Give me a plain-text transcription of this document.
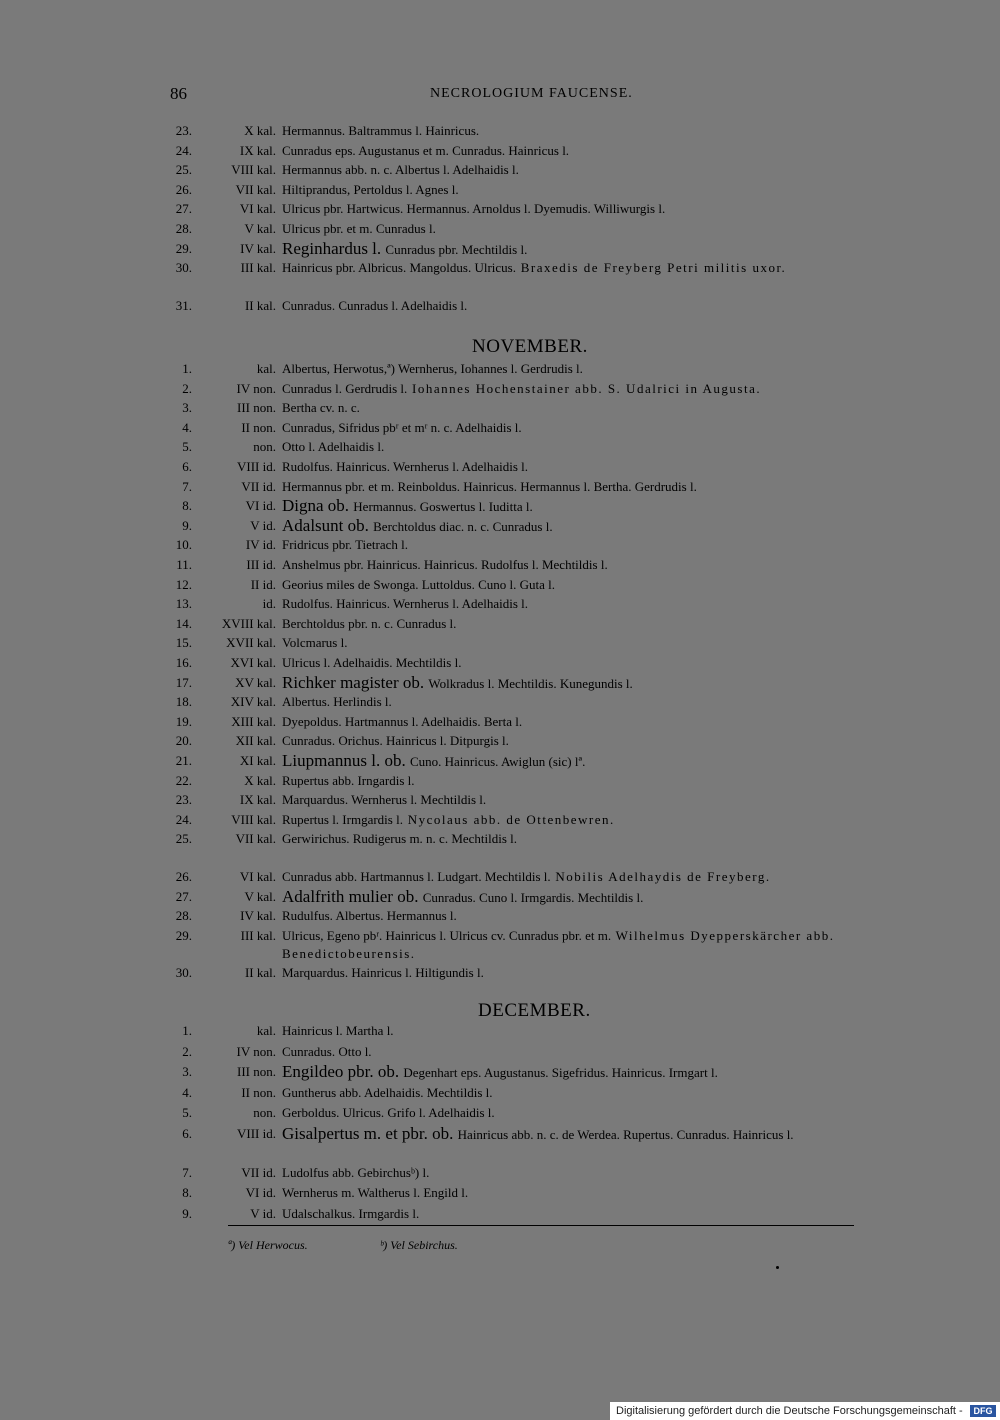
86	NECROLOGIUM FAUCENSE.
23.	X kal. Hermannus. Baltrammus l. Hainricus.
24.	IX kal. Cunradus eps. Augustanus et m. Cunradus. Hainricus l.
25.	VIII kal. Hermannus abb. n. c. Albertus l. Adelhaidis l.
26.	VII kal. Hiltiprandus, Pertoldus l. Agnes l.
27.	VI kal. Ulricus pbr. Hartwicus. Hermannus. Arnoldus l. Dyemudis. Williwurgis l.
28.	V kal. Ulricus pbr. et m. Cunradus l.
29.	IV kal. Reginhardus l. Cunradus pbr. Mechtildis l.
30.	III kal. Hainricus pbr. Albricus. Mangoldus. Ulricus. Braxedis de Freyberg Petri militis uxor.
31.	II kal. Cunradus. Cunradus l. Adelhaidis l.
NOVEMBER.
1.	kal. Albertus, Herwotus,ª) Wernherus, Iohannes l. Gerdrudis l.
2.	IV non. Cunradus l. Gerdrudis l. Iohannes Hochenstainer abb. S. Udalrici in Augusta.
3.	III non. Bertha cv. n. c.
4.	II non. Cunradus, Sifridus pbʳ et mʳ n. c. Adelhaidis l.
5.	non. Otto l. Adelhaidis l.
6.	VIII id. Rudolfus. Hainricus. Wernherus l. Adelhaidis l.
7.	VII id. Hermannus pbr. et m. Reinboldus. Hainricus. Hermannus l. Bertha. Gerdrudis l.
8.	VI id. Digna ob. Hermannus. Goswertus l. Iuditta l.
9.	V id. Adalsunt ob. Berchtoldus diac. n. c. Cunradus l.
10.	IV id. Fridricus pbr. Tietrach l.
11.	III id. Anshelmus pbr. Hainricus. Hainricus. Rudolfus l. Mechtildis l.
12.	II id. Georius miles de Swonga. Luttoldus. Cuno l. Guta l.
13.	id. Rudolfus. Hainricus. Wernherus l. Adelhaidis l.
14.	XVIII kal. Berchtoldus pbr. n. c. Cunradus l.
15.	XVII kal. Volcmarus l.
16.	XVI kal. Ulricus l. Adelhaidis. Mechtildis l.
17.	XV kal. Richker magister ob. Wolkradus l. Mechtildis. Kunegundis l.
18.	XIV kal. Albertus. Herlindis l.
19.	XIII kal. Dyepoldus. Hartmannus l. Adelhaidis. Berta l.
20.	XII kal. Cunradus. Orichus. Hainricus l. Ditpurgis l.
21.	XI kal. Liupmannus l. ob. Cuno. Hainricus. Awiglun (sic) lª.
22.	X kal. Rupertus abb. Irngardis l.
23.	IX kal. Marquardus. Wernherus l. Mechtildis l.
24.	VIII kal. Rupertus l. Irmgardis l. Nycolaus abb. de Ottenbewren.
25.	VII kal. Gerwirichus. Rudigerus m. n. c. Mechtildis l.
26.	VI kal. Cunradus abb. Hartmannus l. Ludgart. Mechtildis l. Nobilis Adelhaydis de Freyberg.
27.	V kal. Adalfrith mulier ob. Cunradus. Cuno l. Irmgardis. Mechtildis l.
28.	IV kal. Rudulfus. Albertus. Hermannus l.
29.	III kal. Ulricus, Egeno pbʳ. Hainricus l. Ulricus cv. Cunradus pbr. et m. Wilhelmus Dyepperskärcher abb. Benedictobeurensis.
30.	II kal. Marquardus. Hainricus l. Hiltigundis l.
DECEMBER.
1.	kal. Hainricus l. Martha l.
2.	IV non. Cunradus. Otto l.
3.	III non. Engildeo pbr. ob. Degenhart eps. Augustanus. Sigefridus. Hainricus. Irmgart l.
4.	II non. Guntherus abb. Adelhaidis. Mechtildis l.
5.	non. Gerboldus. Ulricus. Grifo l. Adelhaidis l.
6.	VIII id. Gisalpertus m. et pbr. ob. Hainricus abb. n. c. de Werdea. Rupertus. Cunradus. Hainricus l.
7.	VII id. Ludolfus abb. Gebirchusᵇ) l.
8.	VI id. Wernherus m. Waltherus l. Engild l.
9.	V id. Udalschalkus. Irmgardis l.
ª) Vel Herwocus.	ᵇ) Vel Sebirchus.
Digitalisierung gefördert durch die Deutsche Forschungsgemeinschaft -	DFG
